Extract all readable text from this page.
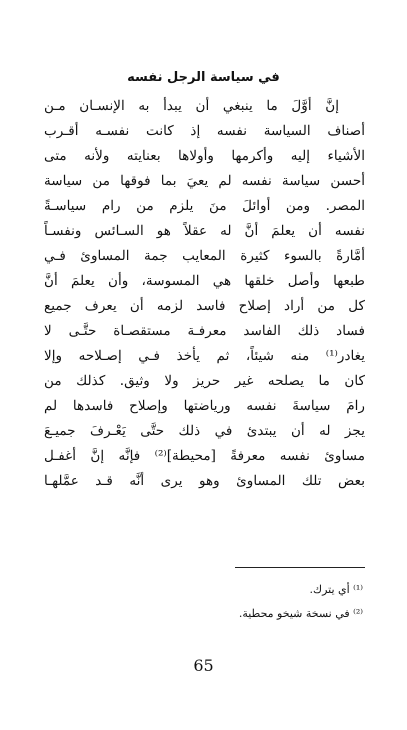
في سياسة الرجل نفسه
إنَّ أوَّلَ ما ينبغي أن يبدأ به الإنسـان مـن
أصناف السياسة نفسه إذ كانت نفسـه أقـرب
الأشياء إليه وأكرمها وأولاها بعنايته ولأنه متى
أحسن سياسة نفسه لم يعيَ بما فوقها من سياسة
المصر. ومن أوائلَ منَ يلزم من رام سياسـةً
نفسه أن يعلمَ أنَّ له عقلاً هو السـائس ونفسـاً
أمَّارةً بالسوء كثيرة المعايب جمة المساوئ فـي
طبعها وأصل خلقها هي المسوسة، وأن يعلمَ أنَّ
كل من أراد إصلاح فاسد لزمه أن يعرف جميع
فساد ذلك الفاسد معرفـة مستقصـاة حتَّـى لا
يغادر⁽¹⁾ منه شيئاً، ثم يأخذ فـي إصـلاحه وإلا
كان ما يصلحه غير حريز ولا وثيق. كذلك من
رامَ سياسةَ نفسه ورياضتها وإصلاح فاسدها لم
يجز له أن يبتدئ في ذلك حتَّى يَعْـرفَ جميـعَ
مساوئ نفسه معرفةً [محيطة]⁽²⁾ فإنَّه إنَّ أغفـل
بعض تلك المساوئ وهو يرى أنَّه قـد عمَّلهـا
⁽¹⁾ أي يترك.
⁽²⁾ في نسخة شيخو محطية.
65
